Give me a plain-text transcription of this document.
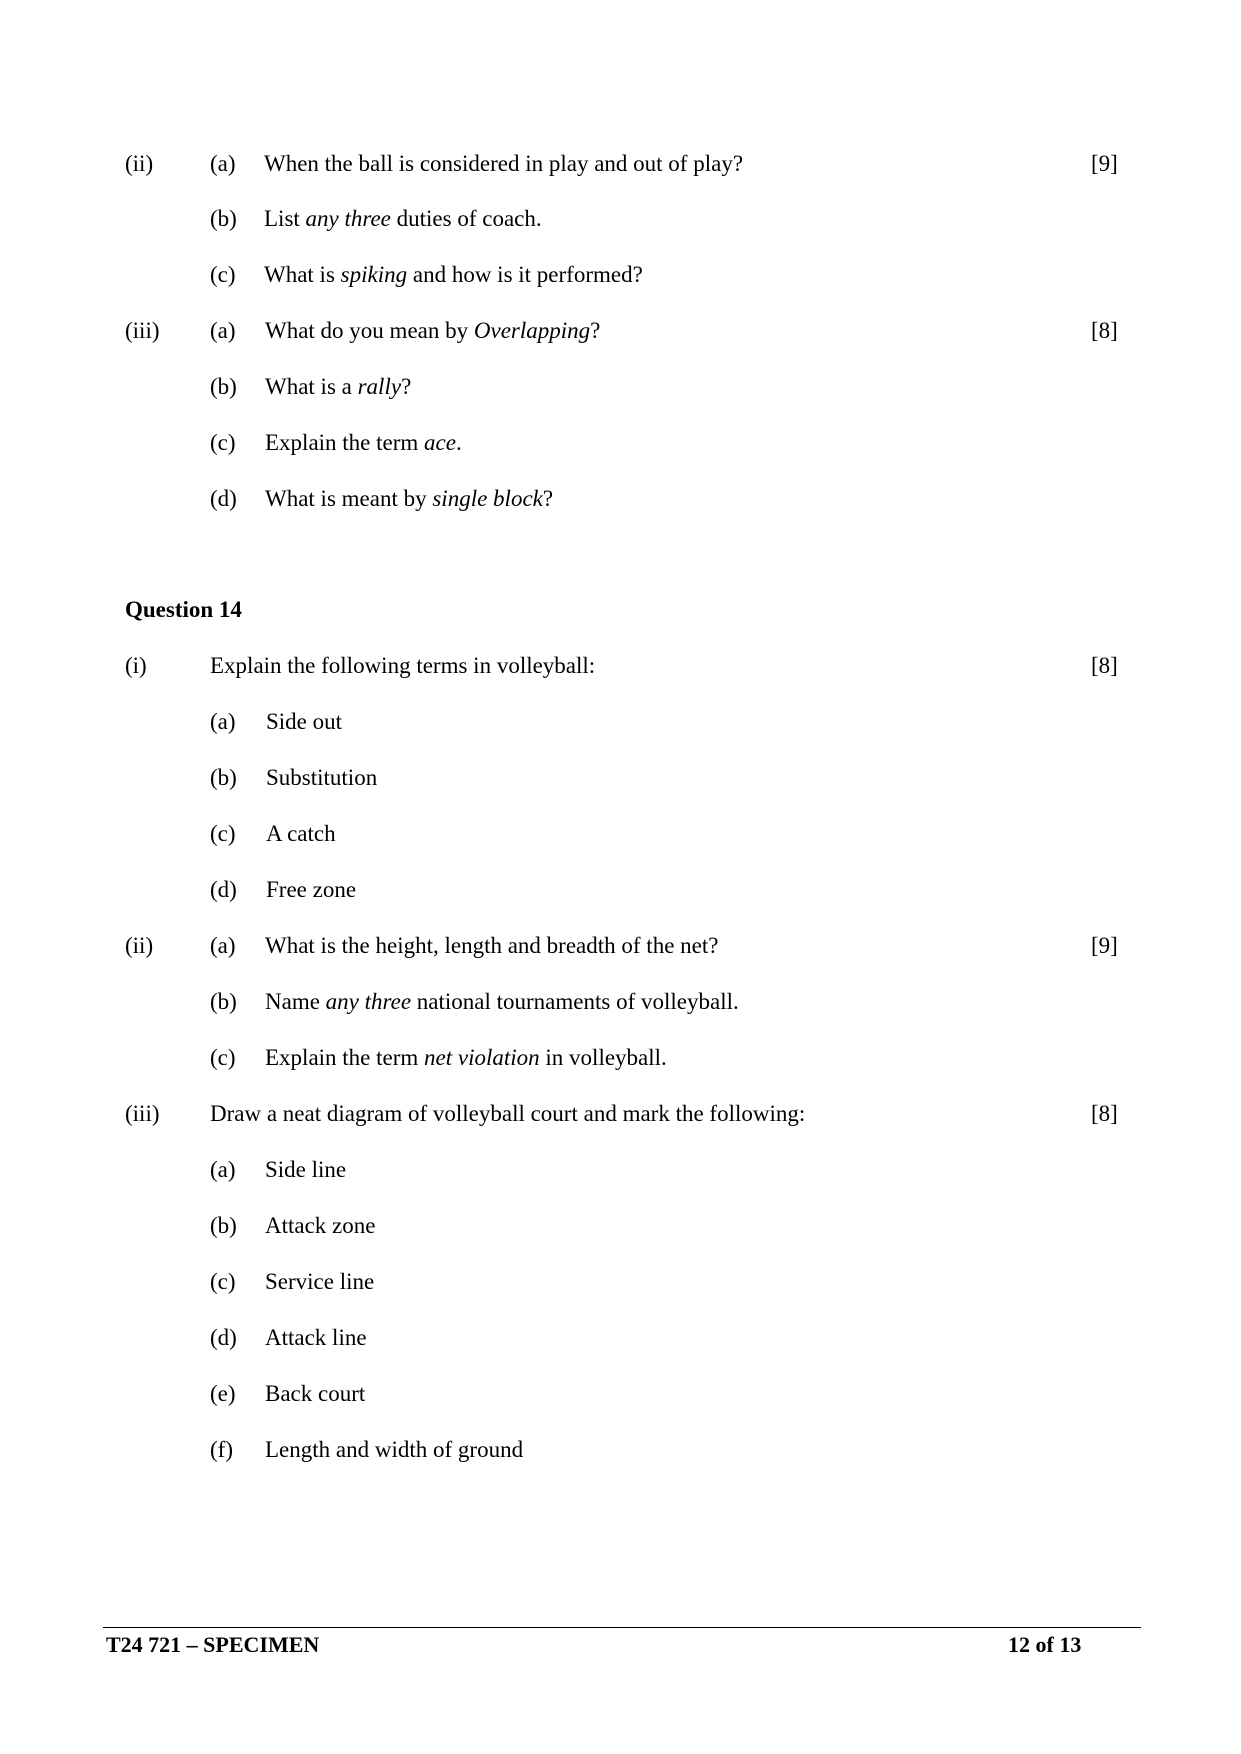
(ii) (a) When the ball is considered in play and out of play?	[9]
(b) List any three duties of coach.
(c) What is spiking and how is it performed?
(iii) (a) What do you mean by Overlapping?	[8]
(b) What is a rally?
(c) Explain the term ace.
(d) What is meant by single block?
Question 14
(i)	Explain the following terms in volleyball:	[8]
(a) Side out
(b) Substitution
(c) A catch
(d) Free zone
(ii) (a) What is the height, length and breadth of the net?	[9]
(b) Name any three national tournaments of volleyball.
(c) Explain the term net violation in volleyball.
(iii) Draw a neat diagram of volleyball court and mark the following:	[8]
(a) Side line
(b) Attack zone
(c) Service line
(d) Attack line
(e) Back court
(f) Length and width of ground
T24 721 – SPECIMEN	12 of 13
